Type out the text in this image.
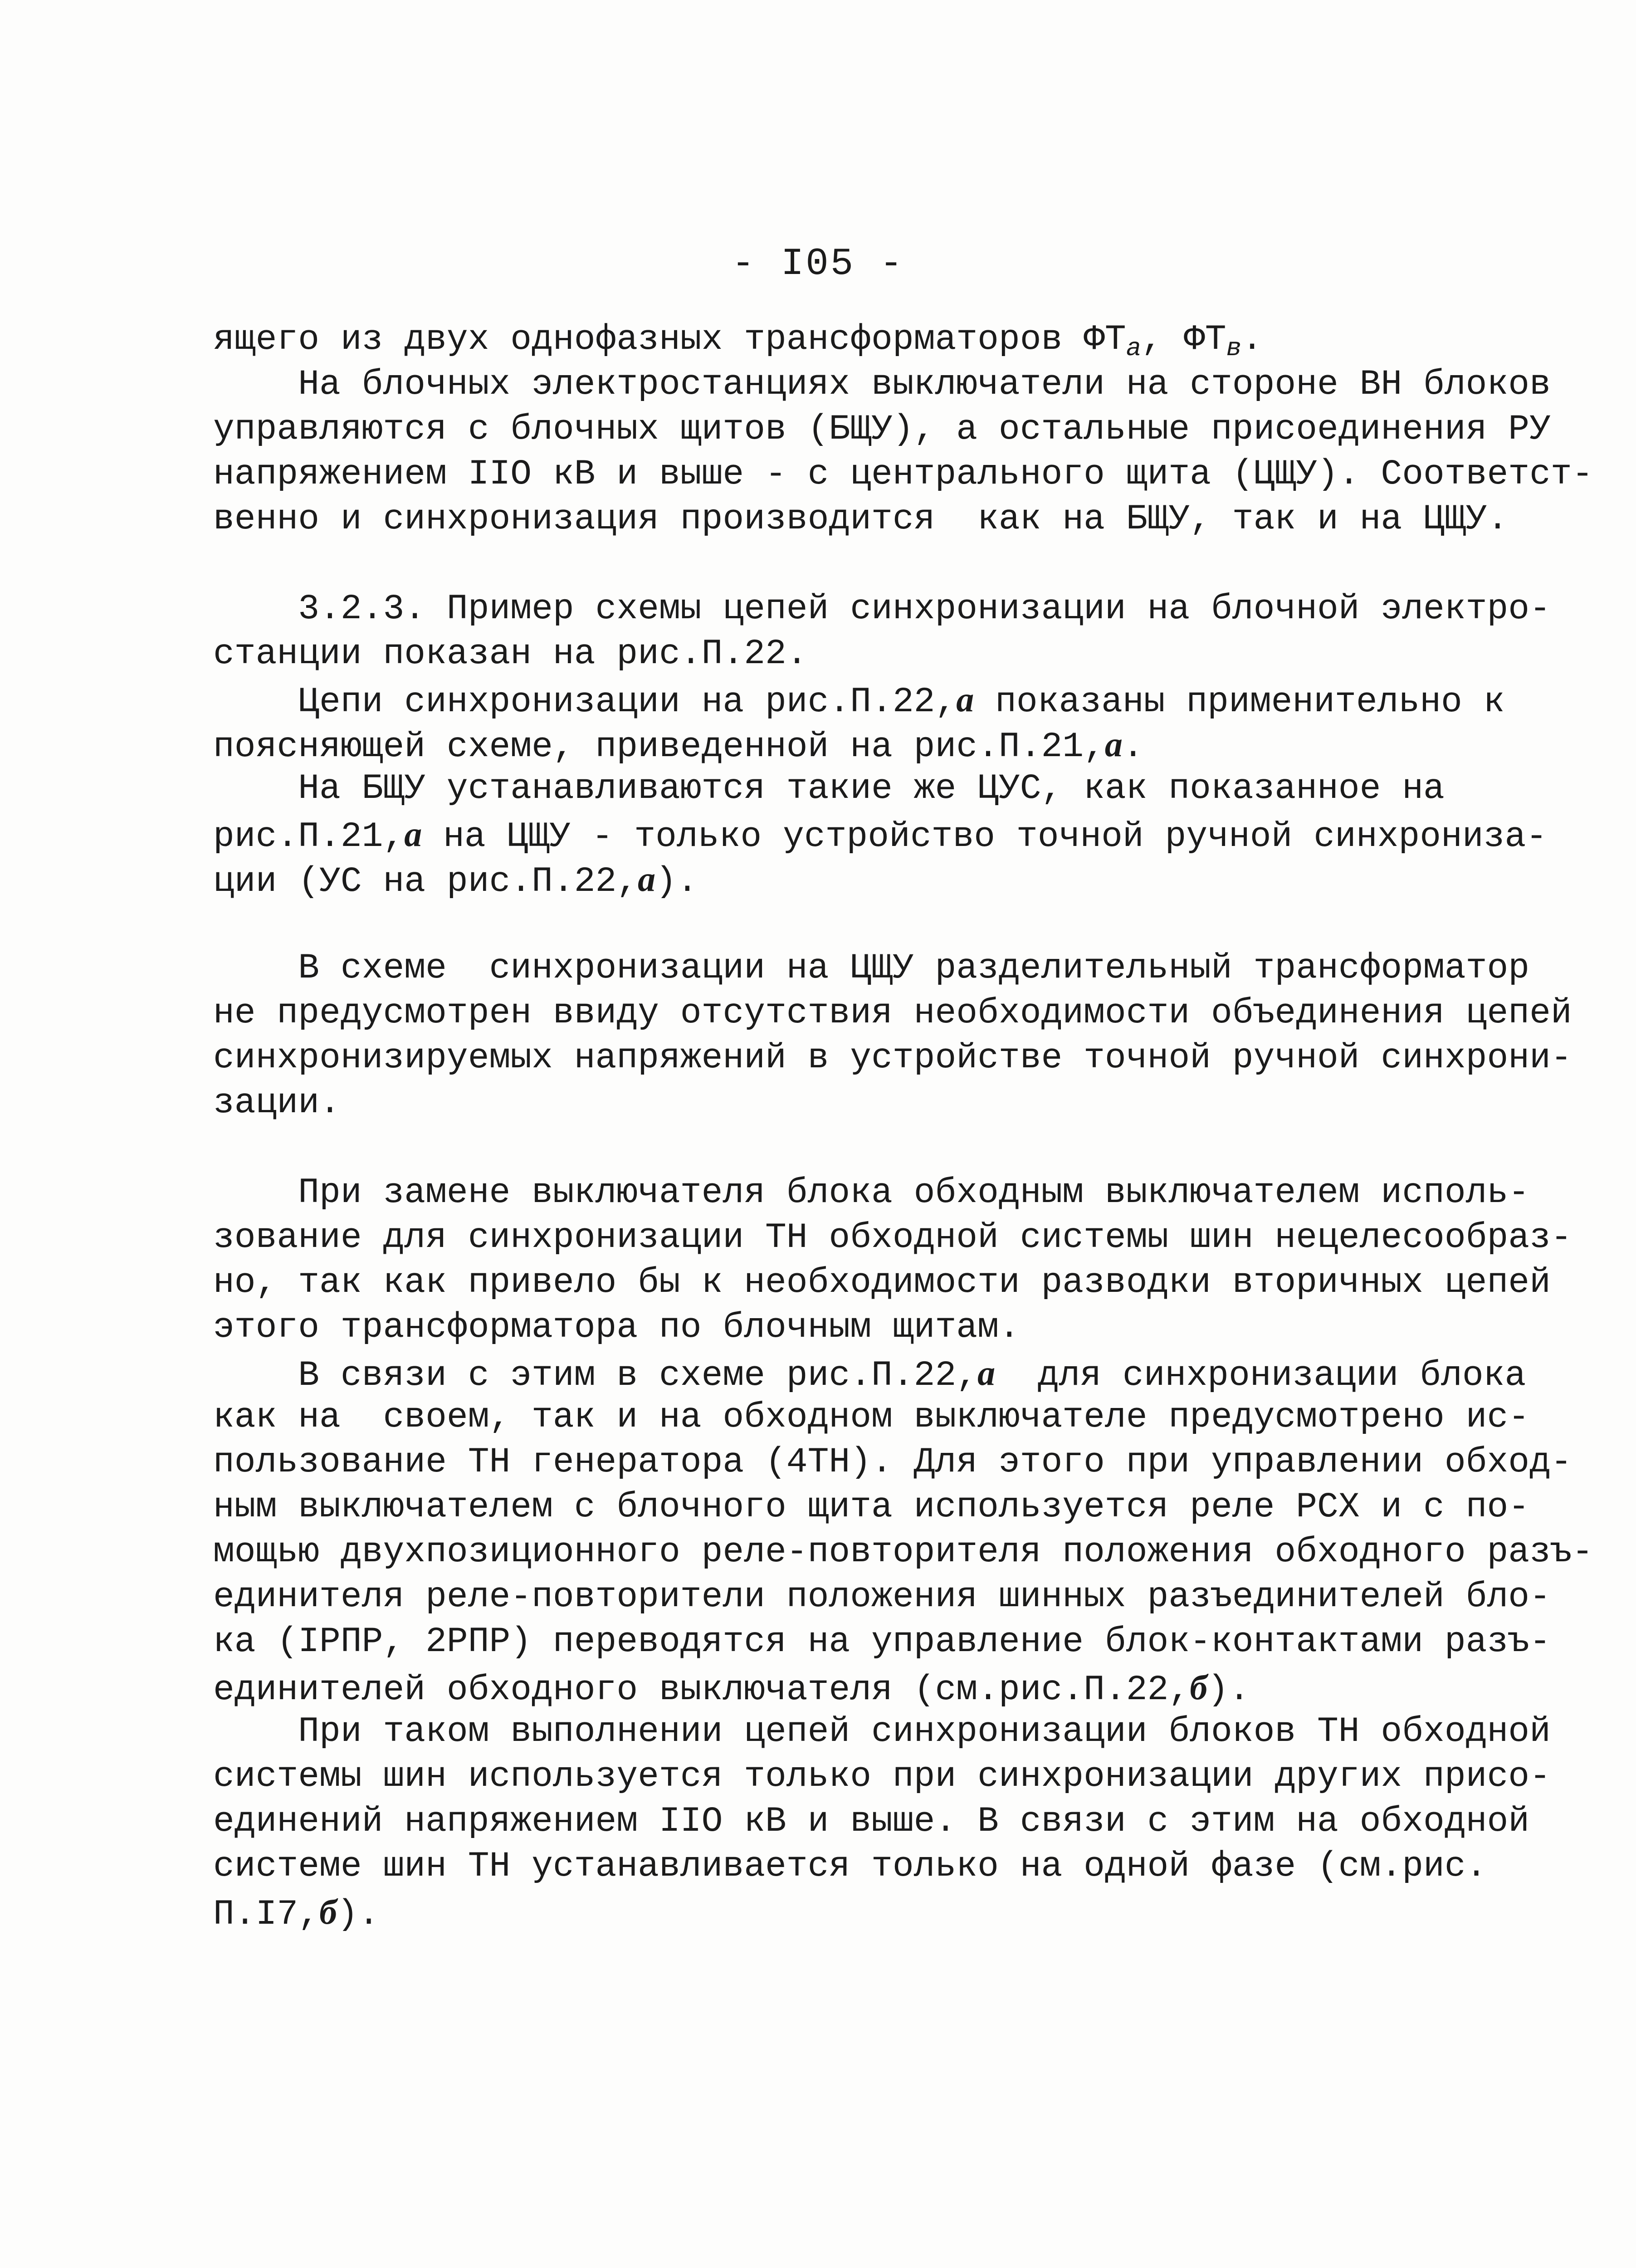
- I05 -
ящего из двух однофазных трансформаторов $ФТ_а$, $ФТ_в$.
На блочных электростанциях выключатели на стороне ВН блоков
управляются с блочных щитов (БЩУ), а остальные присоединения РУ
напряжением IIO кВ и выше - с центрального щита (ЦЩУ). Соответст-
венно и синхронизация производится  как на БЩУ, так и на ЦЩУ.
3.2.3. Пример схемы цепей синхронизации на блочной электро-
станции показан на рис.П.22.
Цепи синхронизации на рис.П.22,а показаны применительно к
поясняющей схеме, приведенной на рис.П.21,а.
На БЩУ устанавливаются такие же ЦУС, как показанное на
рис.П.21,а на ЦЩУ - только устройство точной ручной синхрониза-
ции (УС на рис.П.22,а).
В схеме  синхронизации на ЦЩУ разделительный трансформатор
не предусмотрен ввиду отсутствия необходимости объединения цепей
синхронизируемых напряжений в устройстве точной ручной синхрони-
зации.
При замене выключателя блока обходным выключателем исполь-
зование для синхронизации ТН обходной системы шин нецелесообраз-
но, так как привело бы к необходимости разводки вторичных цепей
этого трансформатора по блочным щитам.
В связи с этим в схеме рис.П.22,а  для синхронизации блока
как на  своем, так и на обходном выключателе предусмотрено ис-
пользование ТН генератора (4ТН). Для этого при управлении обход-
ным выключателем с блочного щита используется реле РСХ и с по-
мощью двухпозиционного реле-повторителя положения обходного разъ-
единителя реле-повторители положения шинных разъединителей бло-
ка (IРПР, 2РПР) переводятся на управление блок-контактами разъ-
единителей обходного выключателя (см.рис.П.22,б).
При таком выполнении цепей синхронизации блоков ТН обходной
системы шин используется только при синхронизации других присо-
единений напряжением IIO кВ и выше. В связи с этим на обходной
системе шин ТН устанавливается только на одной фазе (см.рис.
П.I7,б).
